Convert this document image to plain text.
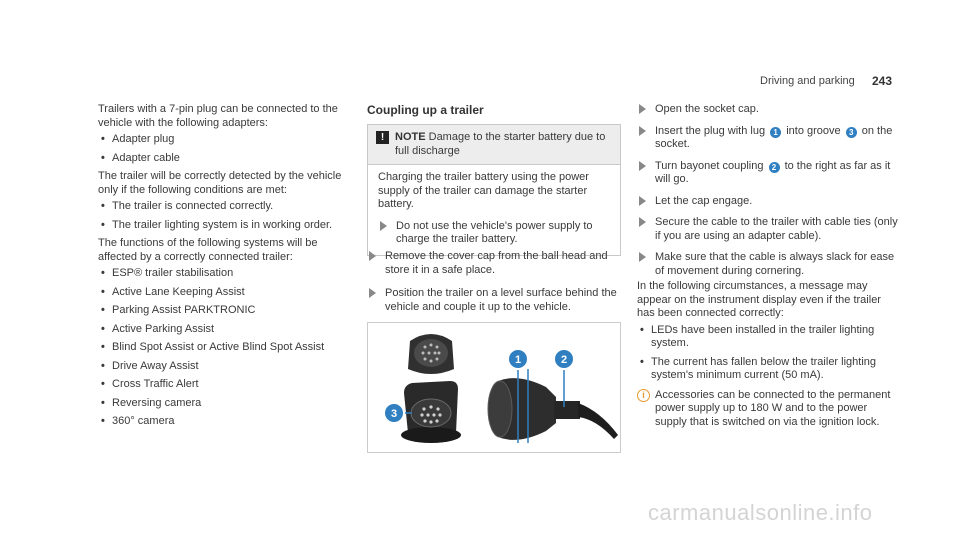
Driving and parking 243

Trailers with a 7-pin plug can be connected to the vehicle with the following adapters:

• Adapter plug
• Adapter cable

The trailer will be correctly detected by the vehicle only if the following conditions are met:

• The trailer is connected correctly.
• The trailer lighting system is in working order.

The functions of the following systems will be affected by a correctly connected trailer:

• ESP® trailer stabilisation
• Active Lane Keeping Assist
• Parking Assist PARKTRONIC
• Active Parking Assist
• Blind Spot Assist or Active Blind Spot Assist
• Drive Away Assist
• Cross Traffic Alert
• Reversing camera
• 360° camera
Coupling up a trailer
! NOTE Damage to the starter battery due to full discharge

Charging the trailer battery using the power supply of the trailer can damage the starter battery.

Do not use the vehicle's power supply to charge the trailer battery.
Remove the cover cap from the ball head and store it in a safe place.
Position the trailer on a level surface behind the vehicle and couple it up to the vehicle.
1	2
3
Open the socket cap.
Insert the plug with lug 1 into groove 3 on the socket.
Turn bayonet coupling 2 to the right as far as it will go.
Let the cap engage.
Secure the cable to the trailer with cable ties (only if you are using an adapter cable).
Make sure that the cable is always slack for ease of movement during cornering.

In the following circumstances, a message may appear on the instrument display even if the trailer has been connected correctly:

• LEDs have been installed in the trailer lighting system.
• The current has fallen below the trailer lighting system's minimum current (50 mA).
i Accessories can be connected to the permanent power supply up to 180 W and to the power supply that is switched on via the ignition lock.
carmanualsonline.info
